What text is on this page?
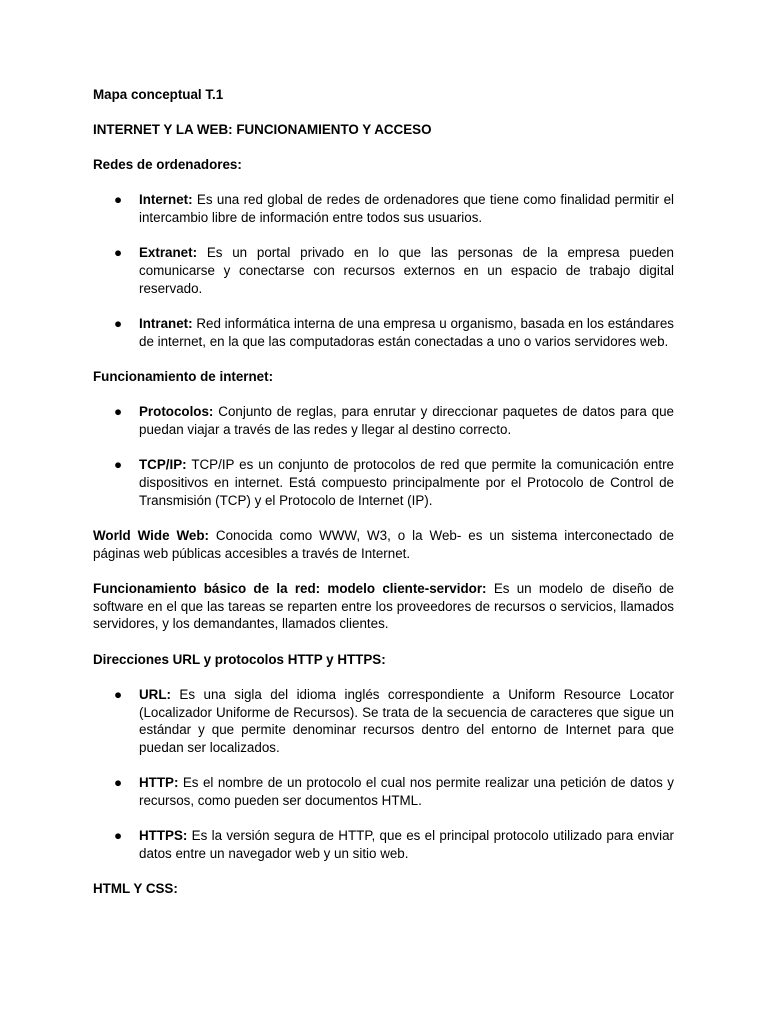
Mapa conceptual T.1

INTERNET Y LA WEB: FUNCIONAMIENTO Y ACCESO

Redes de ordenadores:

● Internet: Es una red global de redes de ordenadores que tiene como finalidad permitir el intercambio libre de información entre todos sus usuarios.

● Extranet: Es un portal privado en lo que las personas de la empresa pueden comunicarse y conectarse con recursos externos en un espacio de trabajo digital reservado.

● Intranet: Red informática interna de una empresa u organismo, basada en los estándares de internet, en la que las computadoras están conectadas a uno o varios servidores web.

Funcionamiento de internet:

● Protocolos: Conjunto de reglas, para enrutar y direccionar paquetes de datos para que puedan viajar a través de las redes y llegar al destino correcto.

● TCP/IP: TCP/IP es un conjunto de protocolos de red que permite la comunicación entre dispositivos en internet. Está compuesto principalmente por el Protocolo de Control de Transmisión (TCP) y el Protocolo de Internet (IP).

World Wide Web: Conocida como WWW, W3, o la Web- es un sistema interconectado de páginas web públicas accesibles a través de Internet.

Funcionamiento básico de la red: modelo cliente-servidor: Es un modelo de diseño de software en el que las tareas se reparten entre los proveedores de recursos o servicios, llamados servidores, y los demandantes, llamados clientes.

Direcciones URL y protocolos HTTP y HTTPS:

● URL: Es una sigla del idioma inglés correspondiente a Uniform Resource Locator (Localizador Uniforme de Recursos). Se trata de la secuencia de caracteres que sigue un estándar y que permite denominar recursos dentro del entorno de Internet para que puedan ser localizados.

● HTTP: Es el nombre de un protocolo el cual nos permite realizar una petición de datos y recursos, como pueden ser documentos HTML.

● HTTPS: Es la versión segura de HTTP, que es el principal protocolo utilizado para enviar datos entre un navegador web y un sitio web.

HTML Y CSS:
